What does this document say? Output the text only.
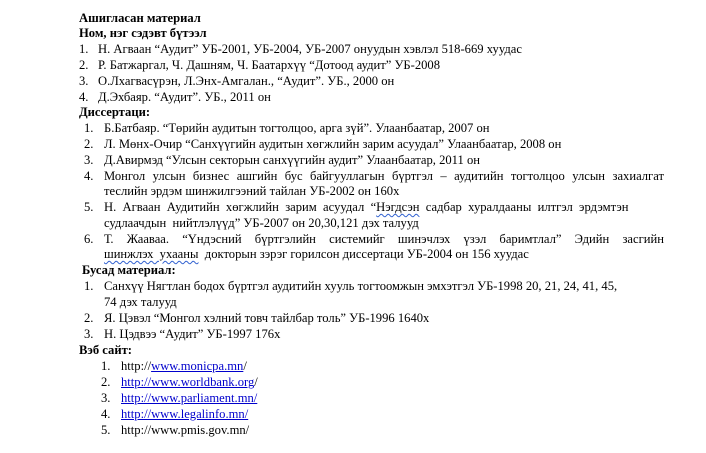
Ашигласан материал
Ном, нэг сэдэвт бүтээл
1. Н. Агваан “Аудит” УБ-2001, УБ-2004, УБ-2007 онуудын хэвлэл 518-669 хуудас
2. Р. Батжаргал, Ч. Дашням, Ч. Баатархүү “Дотоод аудит” УБ-2008
3. О.Лхагвасүрэн, Л.Энх-Амгалан., “Аудит”. УБ., 2000 он
4. Д.Эхбаяр. “Аудит”. УБ., 2011 он
Диссертаци:
1. Б.Батбаяр. “Төрийн аудитын тогтолцоо, арга зүй”. Улаанбаатар, 2007 он
2. Л. Мөнх-Очир “Санхүүгийн аудитын хөгжлийн зарим асуудал” Улаанбаатар, 2008 он
3. Д.Авирмэд “Улсын секторын санхүүгийн аудит” Улаанбаатар, 2011 он
4. Монгол улсын бизнес ашгийн бус байгууллагын бүртгэл – аудитийн тогтолцоо улсын захиалгат
теслийн эрдэм шинжилгээний тайлан УБ-2002 он 160х
5. Н.  Агваан  Аудитийн  хөгжлийн  зарим  асуудал  “Нэгдсэн  садбар  хуралдааны  илтгэл  эрдэмтэн
судлаачдын  нийтлэлүүд” УБ-2007 он 20,30,121 дэх талууд
6. Т. Жааваа. “Үндэсний бүртгэлийн системийг шинэчлэх үзэл баримтлал” Эдийн засгийн
шинжлэх  ухааны  докторын зэрэг горилсон диссертаци УБ-2004 он 156 хуудас
Бусад материал:
1. Санхүү Нягтлан бодох бүртгэл аудитийн хууль тогтоомжын эмхэтгэл УБ-1998 20, 21, 24, 41, 45,
74 дэх талууд
2. Я. Цэвэл “Монгол хэлний товч тайлбар толь” УБ-1996 1640х
3. Н. Цэдвээ “Аудит” УБ-1997 176х
Вэб сайт:
1. http://www.monicpa.mn/
2. http://www.worldbank.org/
3. http://www.parliament.mn/
4. http://www.legalinfo.mn/
5. http://www.pmis.gov.mn/
